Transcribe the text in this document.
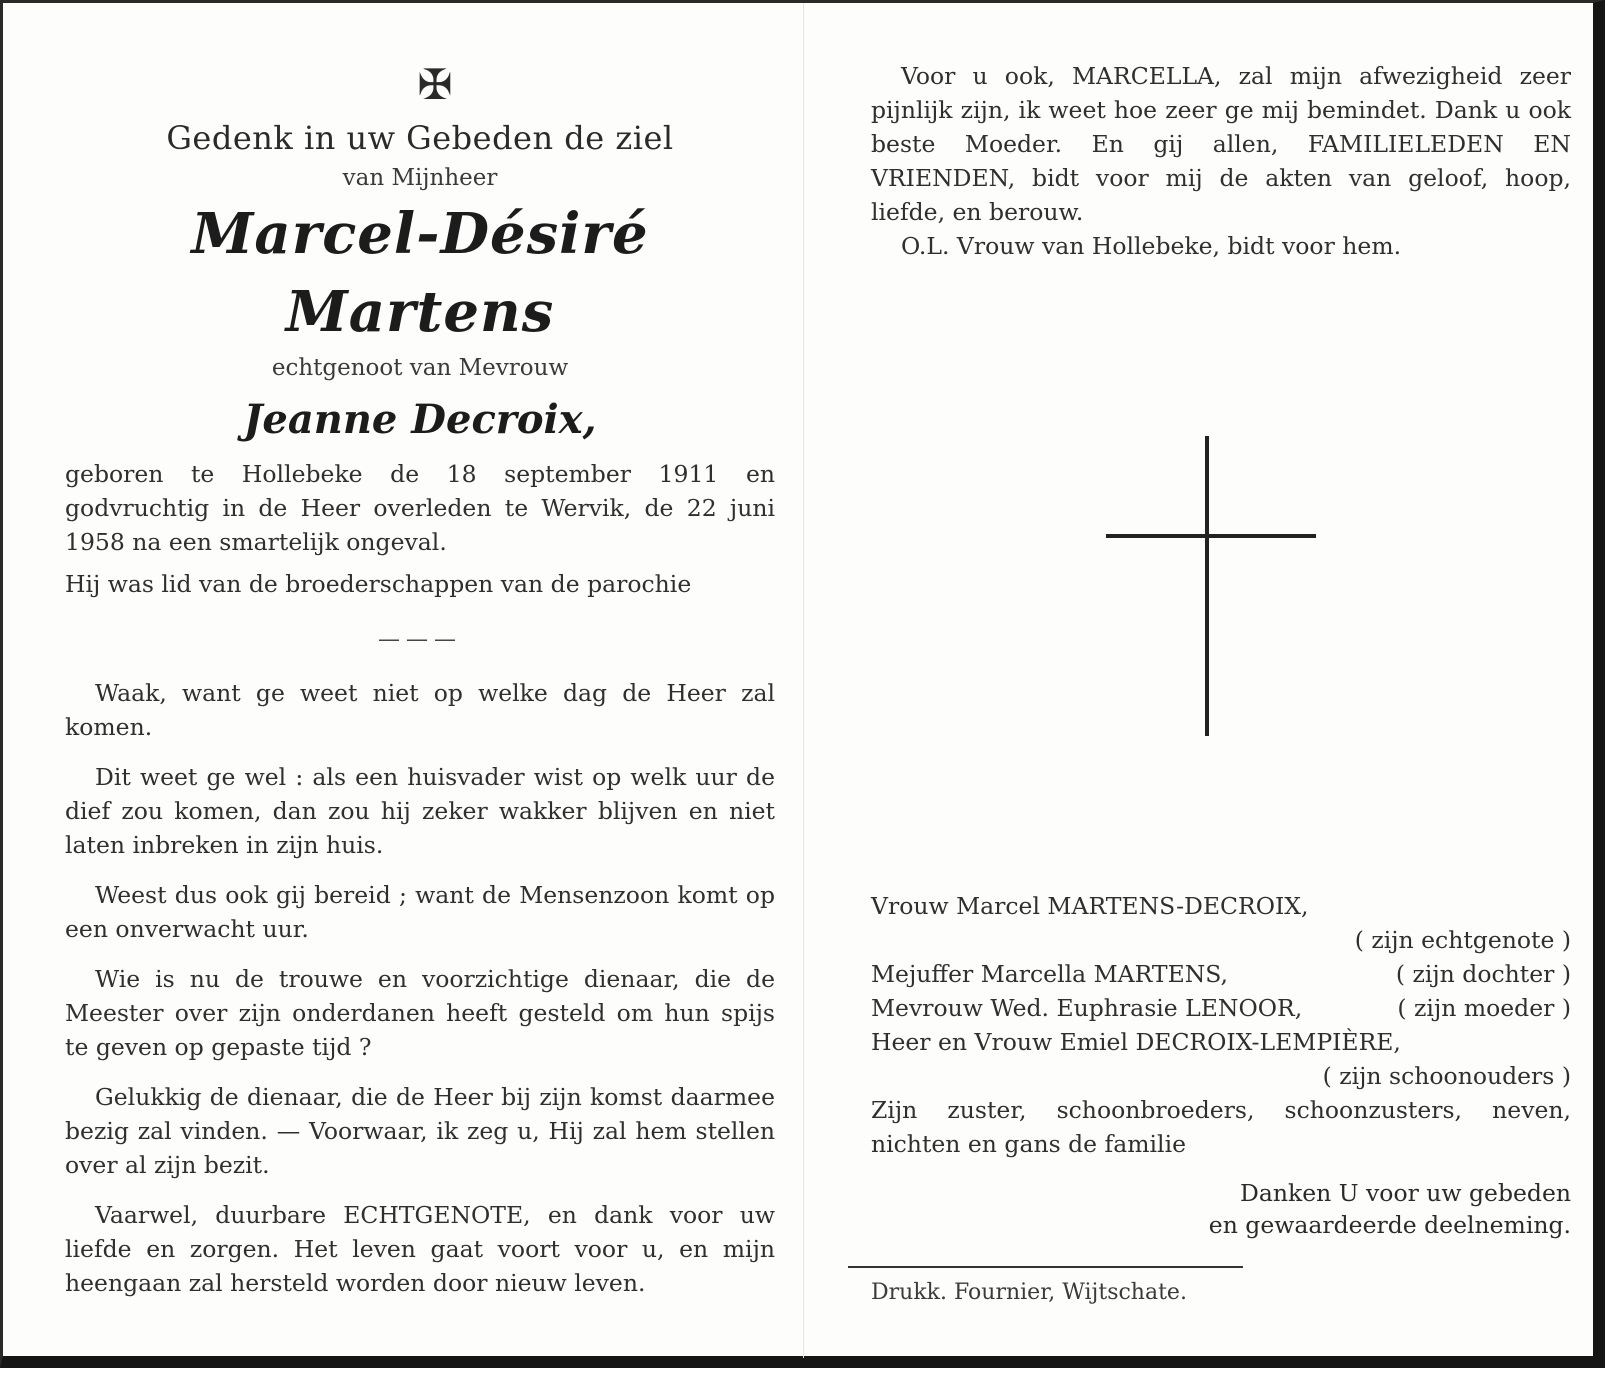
✠
Gedenk in uw Gebeden de ziel
van Mijnheer
Marcel-Désiré Martens
echtgenoot van Mevrouw
Jeanne Decroix,
geboren te Hollebeke de 18 september 1911 en godvruchtig in de Heer overleden te Wervik, de 22 juni 1958 na een smartelijk ongeval.
Hij was lid van de broederschappen van de parochie
———
Waak, want ge weet niet op welke dag de Heer zal komen.
Dit weet ge wel : als een huisvader wist op welk uur de dief zou komen, dan zou hij zeker wakker blijven en niet laten inbreken in zijn huis.
Weest dus ook gij bereid ; want de Mensenzoon komt op een onverwacht uur.
Wie is nu de trouwe en voorzichtige dienaar, die de Meester over zijn onderdanen heeft gesteld om hun spijs te geven op gepaste tijd ?
Gelukkig de dienaar, die de Heer bij zijn komst daarmee bezig zal vinden. — Voorwaar, ik zeg u, Hij zal hem stellen over al zijn bezit.
Vaarwel, duurbare ECHTGENOTE, en dank voor uw liefde en zorgen. Het leven gaat voort voor u, en mijn heengaan zal hersteld worden door nieuw leven.
Voor u ook, MARCELLA, zal mijn afwezigheid zeer pijnlijk zijn, ik weet hoe zeer ge mij bemindet. Dank u ook beste Moeder. En gij allen, FAMILIELEDEN EN VRIENDEN, bidt voor mij de akten van geloof, hoop, liefde, en berouw.
O.L. Vrouw van Hollebeke, bidt voor hem.
Vrouw Marcel MARTENS-DECROIX,
( zijn echtgenote )
Mejuffer Marcella MARTENS,	( zijn dochter )
Mevrouw Wed. Euphrasie LENOOR,	( zijn moeder )
Heer en Vrouw Emiel DECROIX-LEMPIÈRE,
( zijn schoonouders )
Zijn zuster, schoonbroeders, schoonzusters, neven, nichten en gans de familie
Danken U voor uw gebeden
en gewaardeerde deelneming.
Drukk. Fournier, Wijtschate.
